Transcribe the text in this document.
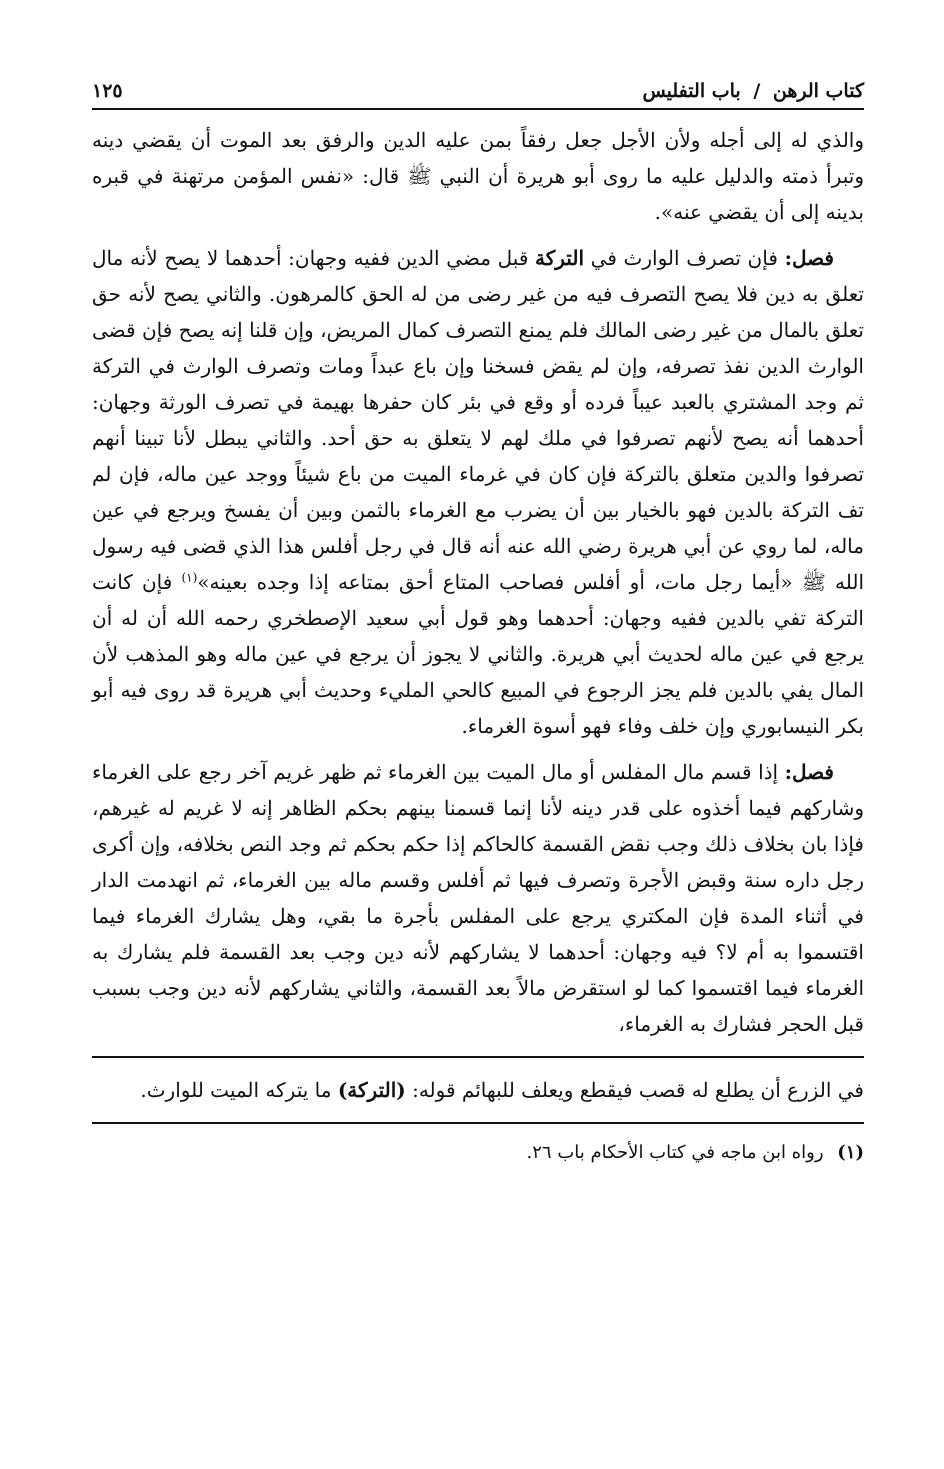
كتاب الرهن / باب التفليس
١٢٥

والذي له إلى أجله ولأن الأجل جعل رفقاً بمن عليه الدين والرفق بعد الموت أن يقضي دينه وتبرأ ذمته والدليل عليه ما روى أبو هريرة أن النبي ﷺ قال: «نفس المؤمن مرتهنة في قبره بدينه إلى أن يقضي عنه».

فصل: فإن تصرف الوارث في التركة قبل مضي الدين ففيه وجهان: أحدهما لا يصح لأنه مال تعلق به دين فلا يصح التصرف فيه من غير رضى من له الحق كالمرهون. والثاني يصح لأنه حق تعلق بالمال من غير رضى المالك فلم يمنع التصرف كمال المريض، وإن قلنا إنه يصح فإن قضى الوارث الدين نفذ تصرفه، وإن لم يقض فسخنا وإن باع عبداً ومات وتصرف الوارث في التركة ثم وجد المشتري بالعبد عيباً فرده أو وقع في بئر كان حفرها بهيمة في تصرف الورثة وجهان: أحدهما أنه يصح لأنهم تصرفوا في ملك لهم لا يتعلق به حق أحد. والثاني يبطل لأنا تبينا أنهم تصرفوا والدين متعلق بالتركة فإن كان في غرماء الميت من باع شيئاً ووجد عين ماله، فإن لم تف التركة بالدين فهو بالخيار بين أن يضرب مع الغرماء بالثمن وبين أن يفسخ ويرجع في عين ماله، لما روي عن أبي هريرة رضي الله عنه أنه قال في رجل أفلس هذا الذي قضى فيه رسول الله ﷺ «أيما رجل مات، أو أفلس فصاحب المتاع أحق بمتاعه إذا وجده بعينه»$^{(١)}$ فإن كانت التركة تفي بالدين ففيه وجهان: أحدهما وهو قول أبي سعيد الإصطخري رحمه الله أن له أن يرجع في عين ماله لحديث أبي هريرة. والثاني لا يجوز أن يرجع في عين ماله وهو المذهب لأن المال يفي بالدين فلم يجز الرجوع في المبيع كالحي المليء وحديث أبي هريرة قد روى فيه أبو بكر النيسابوري وإن خلف وفاء فهو أسوة الغرماء.

فصل: إذا قسم مال المفلس أو مال الميت بين الغرماء ثم ظهر غريم آخر رجع على الغرماء وشاركهم فيما أخذوه على قدر دينه لأنا إنما قسمنا بينهم بحكم الظاهر إنه لا غريم له غيرهم، فإذا بان بخلاف ذلك وجب نقض القسمة كالحاكم إذا حكم بحكم ثم وجد النص بخلافه، وإن أكرى رجل داره سنة وقبض الأجرة وتصرف فيها ثم أفلس وقسم ماله بين الغرماء، ثم انهدمت الدار في أثناء المدة فإن المكتري يرجع على المفلس بأجرة ما بقي، وهل يشارك الغرماء فيما اقتسموا به أم لا؟ فيه وجهان: أحدهما لا يشاركهم لأنه دين وجب بعد القسمة فلم يشارك به الغرماء فيما اقتسموا كما لو استقرض مالاً بعد القسمة، والثاني يشاركهم لأنه دين وجب بسبب قبل الحجر فشارك به الغرماء،

في الزرع أن يطلع له قصب فيقطع ويعلف للبهائم قوله: (التركة) ما يتركه الميت للوارث.

(١) رواه ابن ماجه في كتاب الأحكام باب ٢٦.
